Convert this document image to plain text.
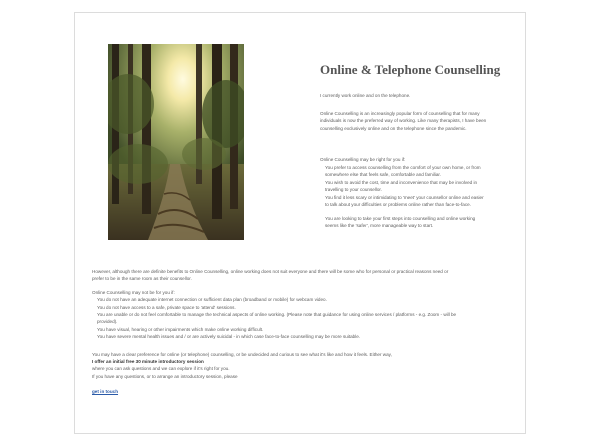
Online & Telephone Counselling

I currently work online and on the telephone.

Online Counselling is an increasingly popular form of counselling that for many

individuals is now the preferred way of working. Like many therapists, I have been

counselling exclusively online and on the telephone since the pandemic.

Online Counselling may be right for you if:

You prefer to access counselling from the comfort of your own home, or from

somewhere else that feels safe, comfortable and familiar.

You wish to avoid the cost, time and inconvenience that may be involved in

travelling to your counsellor.

You find it less scary or intimidating to 'meet' your counsellor online and easier

to talk about your difficulties or problems online rather than face-to-face.

You are looking to take your first steps into counselling and online working

seems like the 'safer', more manageable way to start.

However, although there are definite benefits to Online Counselling, online working does not suit everyone and there will be some who for personal or practical reasons need or

prefer to be in the same room as their counsellor.

Online Counselling may not be for you if:

You do not have an adequate internet connection or sufficient data plan (broadband or mobile) for webcam video.

You do not have access to a safe, private space to 'attend' sessions.

You are unable or do not feel comfortable to manage the technical aspects of online working. (Please note that guidance for using online services / platforms - e.g. Zoom - will be

provided).

You have visual, hearing or other impairments which make online working difficult.

You have severe mental health issues and / or are actively suicidal - in which case face-to-face counselling may be more suitable.

You may have a clear preference for online (or telephone) counselling, or be undecided and curious to see what it's like and how it feels. Either way,

I offer an initial free 30 minute introductory session

where you can ask questions and we can explore if it's right for you.

If you have any questions, or to arrange an introductory session, please

get in touch
